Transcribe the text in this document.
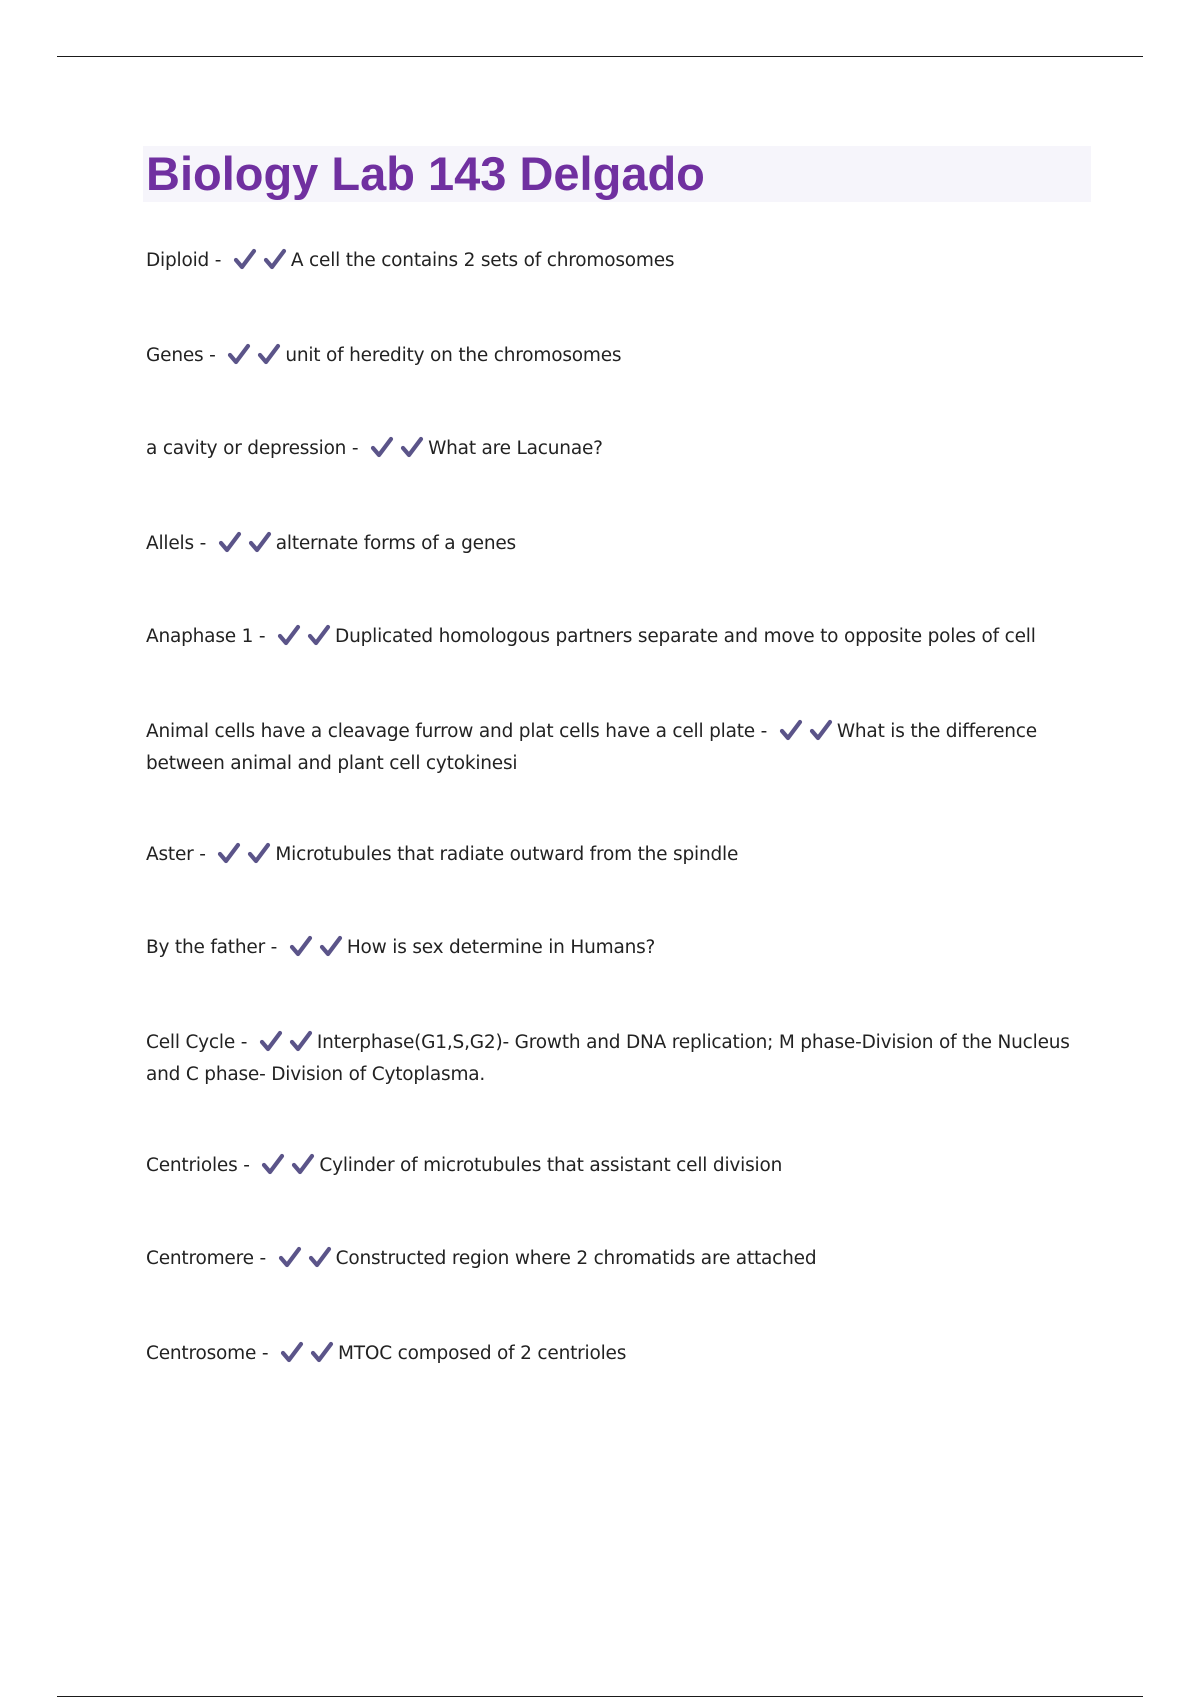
Biology Lab 143 Delgado
Diploid -	A cell the contains 2 sets of chromosomes
Genes -	unit of heredity on the chromosomes
a cavity or depression -	What are Lacunae?
Allels -	alternate forms of a genes
Anaphase 1 -	Duplicated homologous partners separate and move to opposite poles of cell
Animal cells have a cleavage furrow and plat cells have a cell plate -	What is the difference between animal and plant cell cytokinesi
Aster -	Microtubules that radiate outward from the spindle
By the father -	How is sex determine in Humans?
Cell Cycle -	Interphase(G1,S,G2)- Growth and DNA replication; M phase-Division of the Nucleus and C phase- Division of Cytoplasma.
Centrioles -	Cylinder of microtubules that assistant cell division
Centromere -	Constructed region where 2 chromatids are attached
Centrosome -	MTOC composed of 2 centrioles
